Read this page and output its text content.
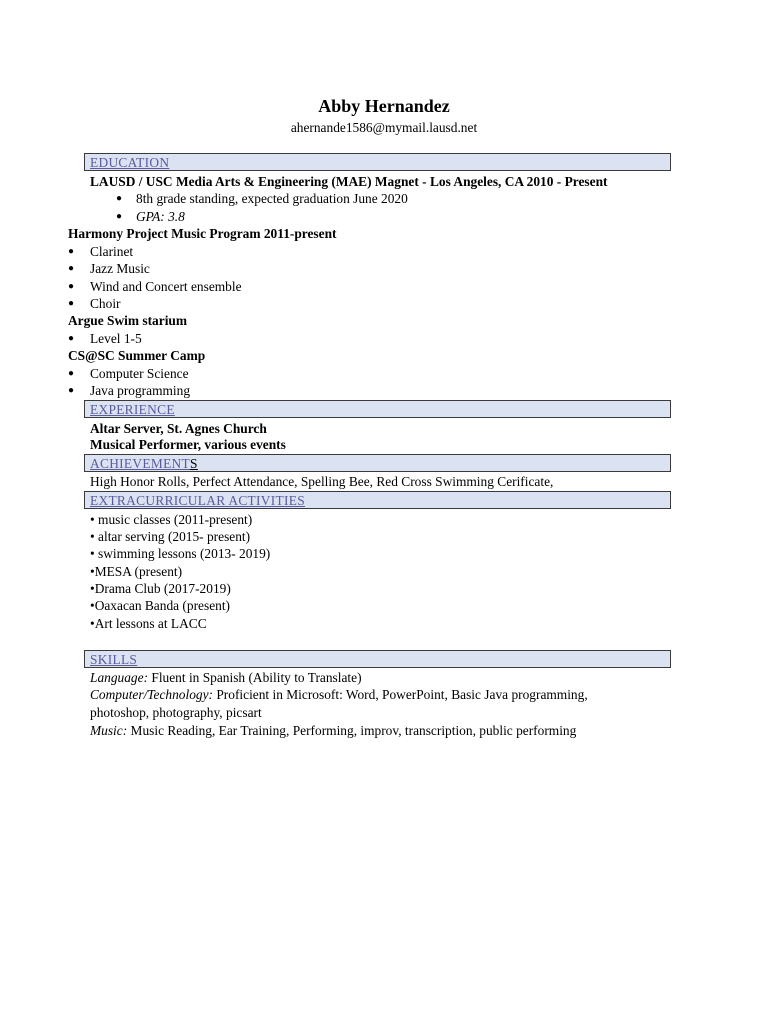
Abby Hernandez
ahernande1586@mymail.lausd.net
EDUCATION
LAUSD / USC Media Arts & Engineering (MAE) Magnet - Los Angeles, CA 2010 - Present
● 8th grade standing, expected graduation June 2020
● GPA: 3.8
Harmony Project Music Program 2011-present
● Clarinet
● Jazz Music
● Wind and Concert ensemble
● Choir
Argue Swim starium
● Level 1-5
CS@SC Summer Camp
● Computer Science
● Java programming
EXPERIENCE
Altar Server, St. Agnes Church
Musical Performer, various events
ACHIEVEMENTS
High Honor Rolls, Perfect Attendance, Spelling Bee, Red Cross Swimming Cerificate,
EXTRACURRICULAR ACTIVITIES
• music classes (2011-present)
• altar serving (2015- present)
• swimming lessons (2013- 2019)
•MESA (present)
•Drama Club (2017-2019)
•Oaxacan Banda (present)
•Art lessons at LACC
SKILLS
Language: Fluent in Spanish (Ability to Translate)
Computer/Technology: Proficient in Microsoft: Word, PowerPoint, Basic Java programming,
photoshop, photography, picsart
Music: Music Reading, Ear Training, Performing, improv, transcription, public performing
